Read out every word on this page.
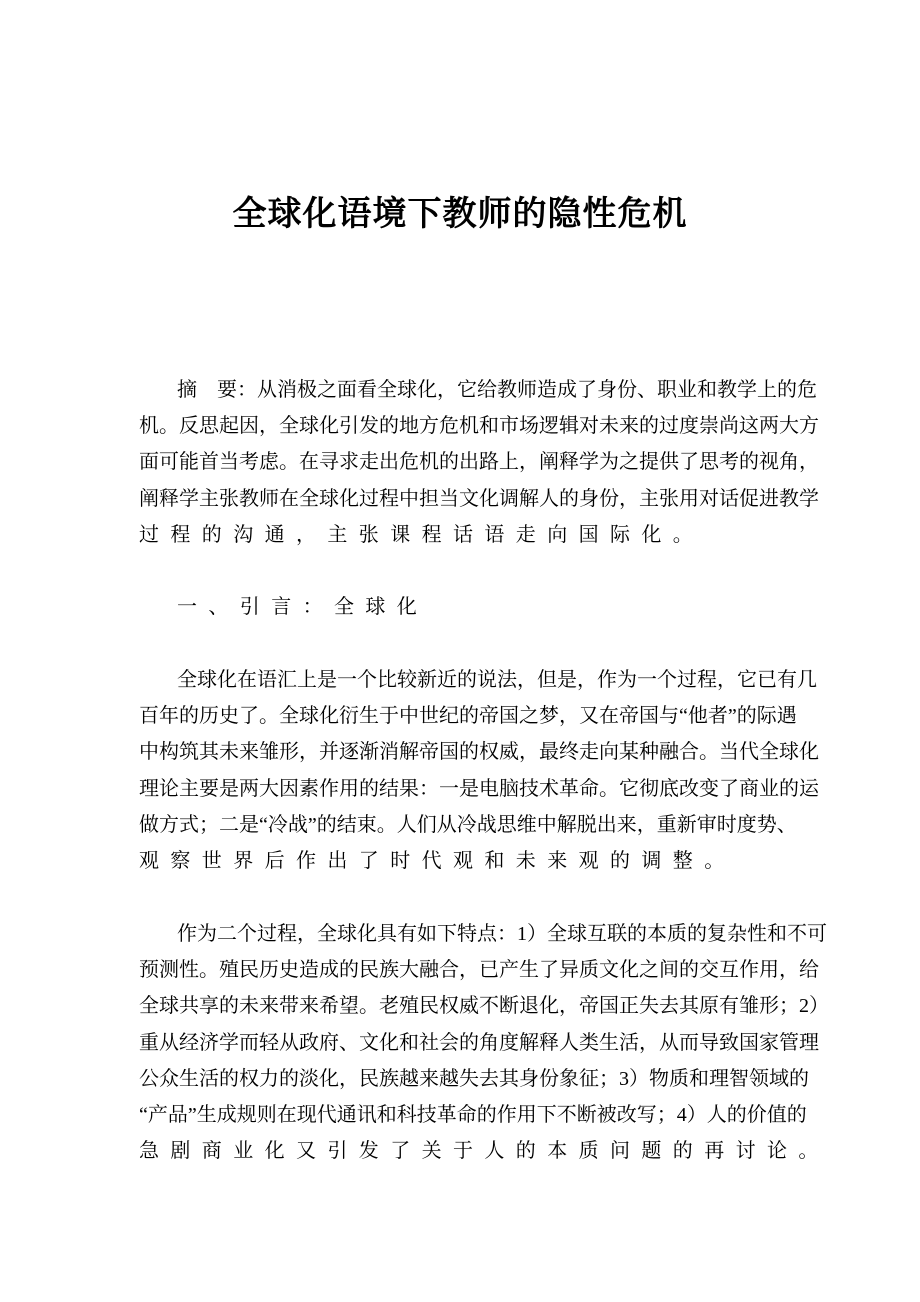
全球化语境下教师的隐性危机
摘　要：从消极之面看全球化，它给教师造成了身份、职业和教学上的危
机。反思起因，全球化引发的地方危机和市场逻辑对未来的过度崇尚这两大方
面可能首当考虑。在寻求走出危机的出路上，阐释学为之提供了思考的视角，
阐释学主张教师在全球化过程中担当文化调解人的身份，主张用对话促进教学
过程的沟通，主张课程话语走向国际化。
一、引言：全球化
全球化在语汇上是一个比较新近的说法，但是，作为一个过程，它已有几
百年的历史了。全球化衍生于中世纪的帝国之梦，又在帝国与“他者”的际遇
中构筑其未来雏形，并逐渐消解帝国的权威，最终走向某种融合。当代全球化
理论主要是两大因素作用的结果：一是电脑技术革命。它彻底改变了商业的运
做方式；二是“冷战”的结束。人们从冷战思维中解脱出来，重新审时度势、
观察世界后作出了时代观和未来观的调整。
作为二个过程，全球化具有如下特点：1）全球互联的本质的复杂性和不可
预测性。殖民历史造成的民族大融合，已产生了异质文化之间的交互作用，给
全球共享的未来带来希望。老殖民权威不断退化，帝国正失去其原有雏形；2）
重从经济学而轻从政府、文化和社会的角度解释人类生活，从而导致国家管理
公众生活的权力的淡化，民族越来越失去其身份象征；3）物质和理智领域的
“产品”生成规则在现代通讯和科技革命的作用下不断被改写；4）人的价值的
急剧商业化又引发了关于人的本质问题的再讨论。
